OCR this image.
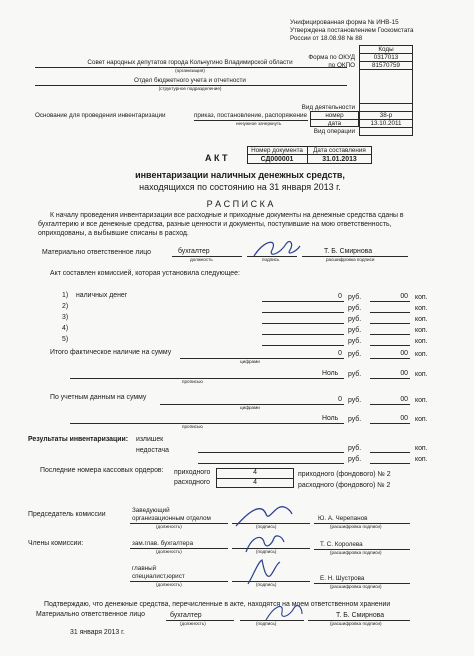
Унифицированная форма № ИНВ-15
Утверждена постановлением Госкомстата
России от 18.08.98 № 88
Коды
Форма по ОКУД	0317013
по ОКПО	81570759
Вид деятельности
номер	38-р
дата	13.10.2011
Вид операции
Совет народных депутатов города Кольчугино Владимирской области
(организация)
Отдел бюджетного учета и отчетности
(структурное подразделение)
Основание для проведения инвентаризации	приказ, постановление, распоряжение
ненужное зачеркнуть
Номер документа	Дата составления
СД000001	31.01.2013
А К Т
инвентаризации наличных денежных средств,
находящихся по состоянию на 31 января 2013 г.
Р А С П И С К А
К началу проведения инвентаризации все расходные и приходные документы на денежные средства сданы в
бухгалтерию и все денежные средства, разные ценности и документы, поступившие на мою ответственность,
оприходованы, а выбывшие списаны в расход.
Материально ответственное лицо	бухгалтер	Т. Б. Смирнова
должность	подпись	расшифровка подписи
Акт составлен комиссией, которая установила следующее:
1) наличных денег	0 руб.	00 коп.
2)	руб.	коп.
3)	руб.	коп.
4)	руб.	коп.
5)	руб.	коп.
Итого фактическое наличие на сумму	0 руб.	00 коп.
цифрами
Ноль руб.	00 коп.
прописью
По учетным данным на сумму	0 руб.	00 коп.
цифрами
Ноль руб.	00 коп.
прописью
Результаты инвентаризации: излишек
руб.	коп.
недостача
руб.	коп.
Последние номера кассовых ордеров: приходного	4	приходного (фондового) № 2
расходного	4	расходного (фондового) № 2
Председатель комиссии
Заведующий
организационным отделом	Ю. А. Черепанов
(должность)	(подпись)	(расшифровка подписи)
Члены комиссии:	зам.глав. бухгалтера	Т. С. Королева
(должность)	(подпись)	(расшифровка подписи)
главный
специалист,юрист	Е. Н. Шустрова
(должность)	(подпись)	(расшифровка подписи)
Подтверждаю, что денежные средства, перечисленные в акте, находятся на моем ответственном хранении
Материально ответственное лицо	бухгалтер	Т. Б. Смирнова
(должность)	(подпись)	(расшифровка подписи)
31 января 2013 г.
